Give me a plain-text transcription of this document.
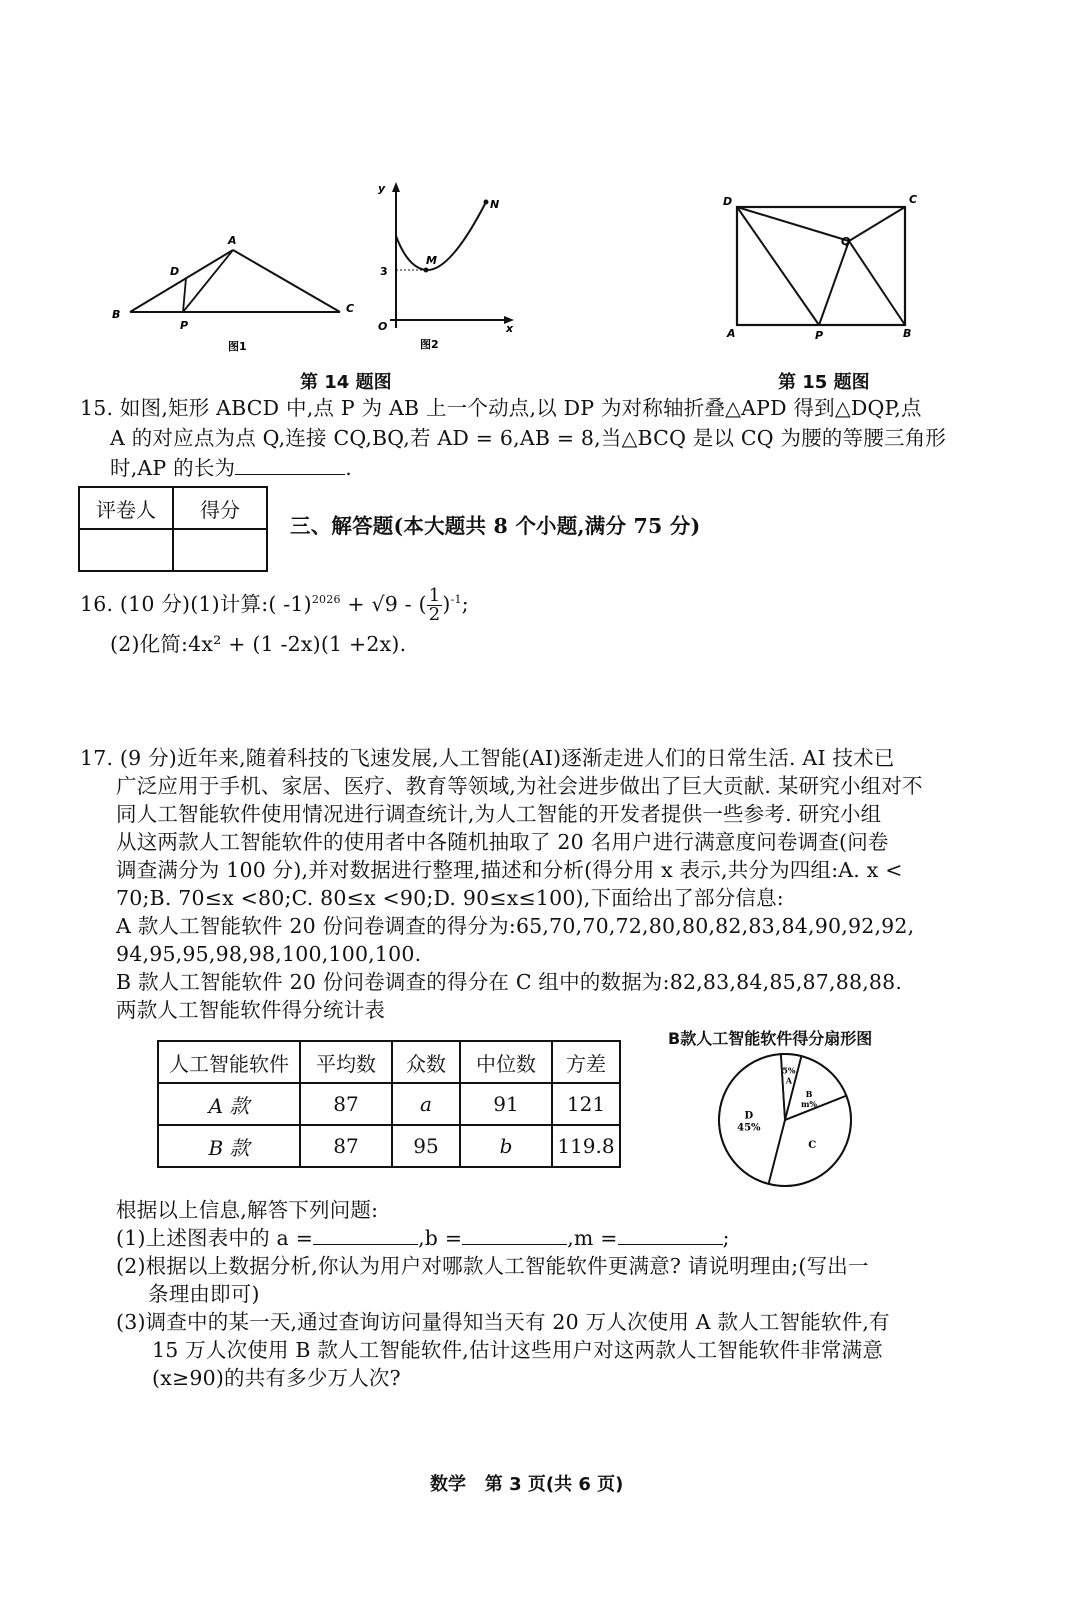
A
D
B	C
P
图1
y
x
O
3
M
N
图2
D	C
Q
A	P	B
第 14 题图	第 15 题图
15. 如图,矩形 ABCD 中,点 P 为 AB 上一个动点,以 DP 为对称轴折叠△APD 得到△DQP,点
A 的对应点为点 Q,连接 CQ,BQ,若 AD = 6,AB = 8,当△BCQ 是以 CQ 为腰的等腰三角形
时,AP 的长为	.
评卷人	得分

三、解答题(本大题共 8 个小题,满分 75 分)
16. (10 分)(1)计算:( -1)$^{2026}$ + √9 - ( $\frac{1}{2} )^{-1}$;
(2)化简:4x² + (1 -2x)(1 +2x).
17. (9 分)近年来,随着科技的飞速发展,人工智能(AI)逐渐走进人们的日常生活. AI 技术已
广泛应用于手机、家居、医疗、教育等领域,为社会进步做出了巨大贡献. 某研究小组对不
同人工智能软件使用情况进行调查统计,为人工智能的开发者提供一些参考. 研究小组
从这两款人工智能软件的使用者中各随机抽取了 20 名用户进行满意度问卷调查(问卷
调查满分为 100 分),并对数据进行整理,描述和分析(得分用 x 表示,共分为四组:A. x <
70;B. 70≤x <80;C. 80≤x <90;D. 90≤x≤100),下面给出了部分信息:
A 款人工智能软件 20 份问卷调查的得分为:65,70,70,72,80,80,82,83,84,90,92,92,
94,95,95,98,98,100,100,100.
B 款人工智能软件 20 份问卷调查的得分在 C 组中的数据为:82,83,84,85,87,88,88.
两款人工智能软件得分统计表
人工智能软件	平均数	众数	中位数	方差
A 款	87	a	91	121
B 款	87	95	b	119.8
B款人工智能软件得分扇形图
A
5%
B
m%
C
D
45%
根据以上信息,解答下列问题:
(1)上述图表中的 a =	,b =	,m =	;
(2)根据以上数据分析,你认为用户对哪款人工智能软件更满意? 请说明理由;(写出一
条理由即可)
(3)调查中的某一天,通过查询访问量得知当天有 20 万人次使用 A 款人工智能软件,有
15 万人次使用 B 款人工智能软件,估计这些用户对这两款人工智能软件非常满意
(x≥90)的共有多少万人次?
数学   第 3 页(共 6 页)
